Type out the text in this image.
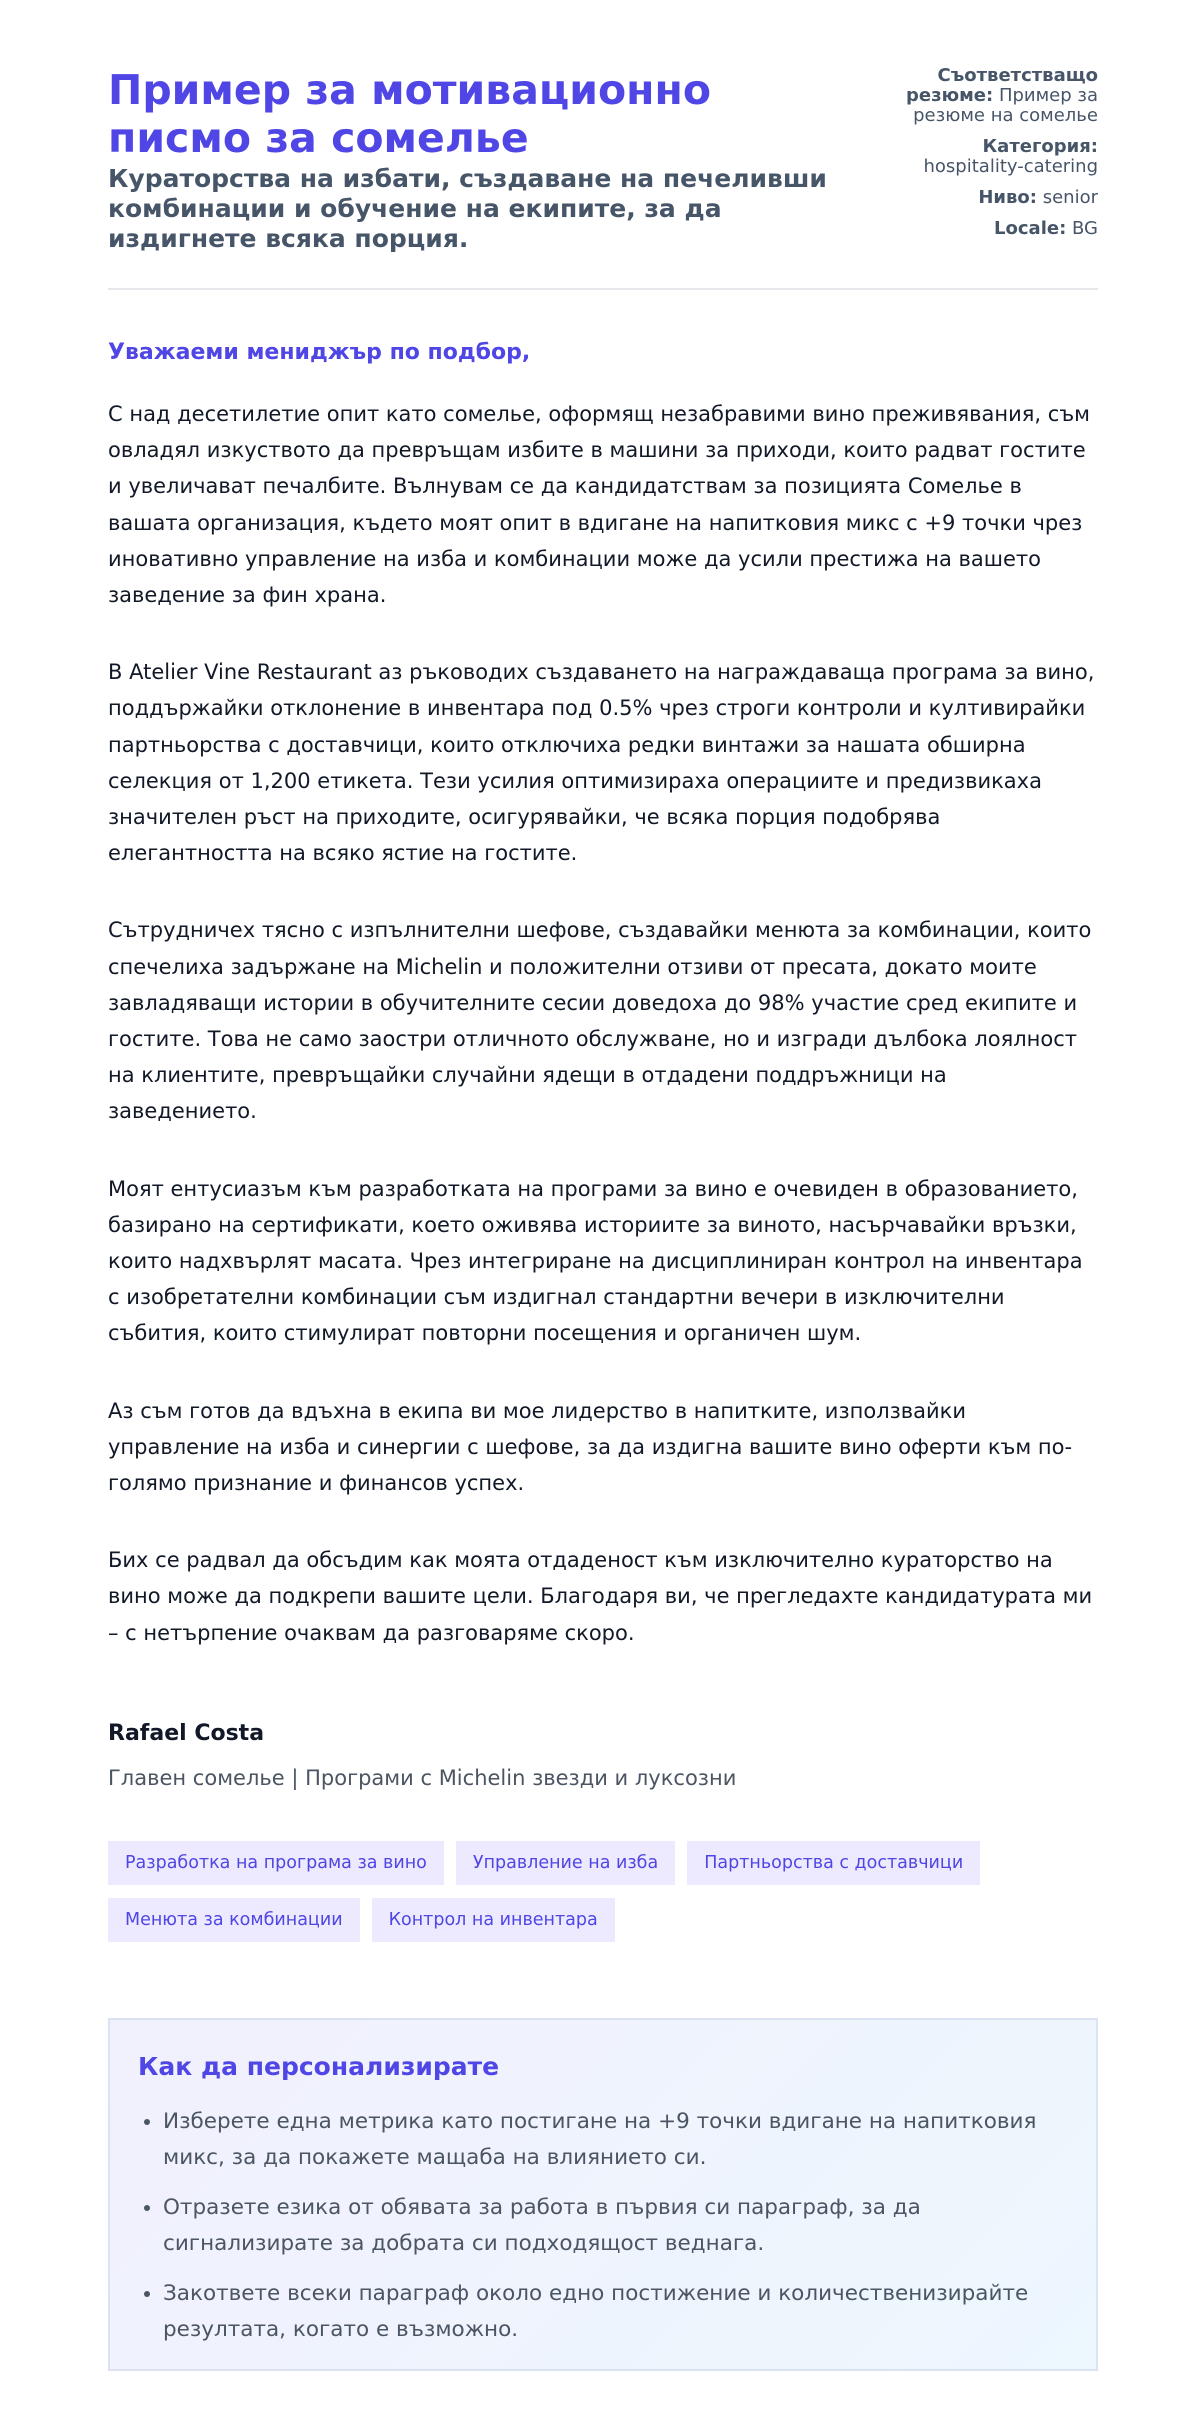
Пример за мотивационно писмо за сомелье

Кураторства на избати, създаване на печеливши комбинации и обучение на екипите, за да издигнете всяка порция.

Съответстващо резюме: Пример за резюме на сомелье
Категория: hospitality-catering
Ниво: senior
Locale: BG

Уважаеми мениджър по подбор,

С над десетилетие опит като сомелье, оформящ незабравими вино преживявания, съм овладял изкуството да превръщам избите в машини за приходи, които радват гостите и увеличават печалбите. Вълнувам се да кандидатствам за позицията Сомелье в вашата организация, където моят опит в вдигане на напитковия микс с +9 точки чрез иновативно управление на изба и комбинации може да усили престижа на вашето заведение за фин храна.

В Atelier Vine Restaurant аз ръководих създаването на награждаваща програма за вино, поддържайки отклонение в инвентара под 0.5% чрез строги контроли и култивирайки партньорства с доставчици, които отключиха редки винтажи за нашата обширна селекция от 1,200 етикета. Тези усилия оптимизираха операциите и предизвикаха значителен ръст на приходите, осигурявайки, че всяка порция подобрява елегантността на всяко ястие на гостите.

Сътрудничех тясно с изпълнителни шефове, създавайки менюта за комбинации, които спечелиха задържане на Michelin и положителни отзиви от пресата, докато моите завладяващи истории в обучителните сесии доведоха до 98% участие сред екипите и гостите. Това не само заостри отличното обслужване, но и изгради дълбока лоялност на клиентите, превръщайки случайни ядещи в отдадени поддръжници на заведението.

Моят ентусиазъм към разработката на програми за вино е очевиден в образованието, базирано на сертификати, което оживява историите за виното, насърчавайки връзки, които надхвърлят масата. Чрез интегриране на дисциплиниран контрол на инвентара с изобретателни комбинации съм издигнал стандартни вечери в изключителни събития, които стимулират повторни посещения и органичен шум.

Аз съм готов да вдъхна в екипа ви мое лидерство в напитките, използвайки управление на изба и синергии с шефове, за да издигна вашите вино оферти към по-голямо признание и финансов успех.

Бих се радвал да обсъдим как моята отдаденост към изключително кураторство на вино може да подкрепи вашите цели. Благодаря ви, че прегледахте кандидатурата ми – с нетърпение очаквам да разговаряме скоро.

Rafael Costa
Главен сомелье | Програми с Michelin звезди и луксозни
Разработка на програма за вино	Управление на изба	Партньорства с доставчици
Менюта за комбинации	Контрол на инвентара
Как да персонализирате
• Изберете една метрика като постигане на +9 точки вдигане на напитковия микс, за да покажете мащаба на влиянието си.
• Отразете езика от обявата за работа в първия си параграф, за да сигнализирате за добрата си подходящост веднага.
• Закответе всеки параграф около едно постижение и количественизирайте резултата, когато е възможно.
